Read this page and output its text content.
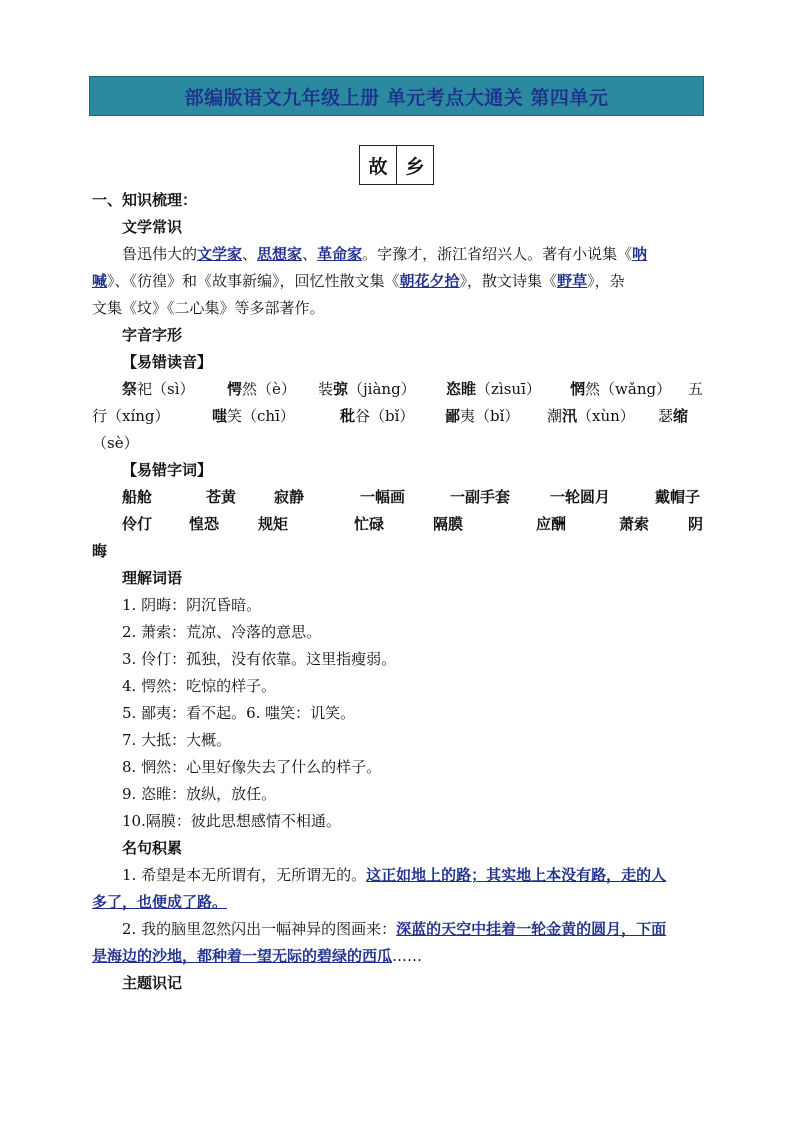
部编版语文九年级上册 单元考点大通关 第四单元
故 乡
一、知识梳理：
文学常识
鲁迅伟大的文学家、思想家、革命家。字豫才，浙江省绍兴人。著有小说集《呐
喊》、《彷徨》和《故事新编》，回忆性散文集《朝花夕拾》，散文诗集《野草》，杂
文集《坟》《二心集》等多部著作。
字音字形
【易错读音】
祭祀（sì） 愕然（è） 装弶（jiàng） 恣睢（zìsuī） 惘然（wǎng） 五
行（xíng）	嗤笑（chī）	秕谷（bǐ） 鄙夷（bǐ） 潮汛（xùn） 瑟缩
（sè）
【易错字词】
船舱	苍黄	寂静	一幅画	一副手套	一轮圆月	戴帽子
伶仃 惶恐	规矩	忙碌	隔膜	应酬	萧索	阴
晦
理解词语
1. 阴晦：阴沉昏暗。
2. 萧索：荒凉、冷落的意思。
3. 伶仃：孤独，没有依靠。这里指瘦弱。
4. 愕然：吃惊的样子。
5. 鄙夷：看不起。6. 嗤笑：讥笑。
7. 大抵：大概。
8. 惘然：心里好像失去了什么的样子。
9. 恣睢：放纵，放任。
10.隔膜：彼此思想感情不相通。
名句积累
1. 希望是本无所谓有，无所谓无的。这正如地上的路；其实地上本没有路，走的人
多了，也便成了路。
2. 我的脑里忽然闪出一幅神异的图画来：深蓝的天空中挂着一轮金黄的圆月，下面
是海边的沙地，都种着一望无际的碧绿的西瓜……
主题识记
